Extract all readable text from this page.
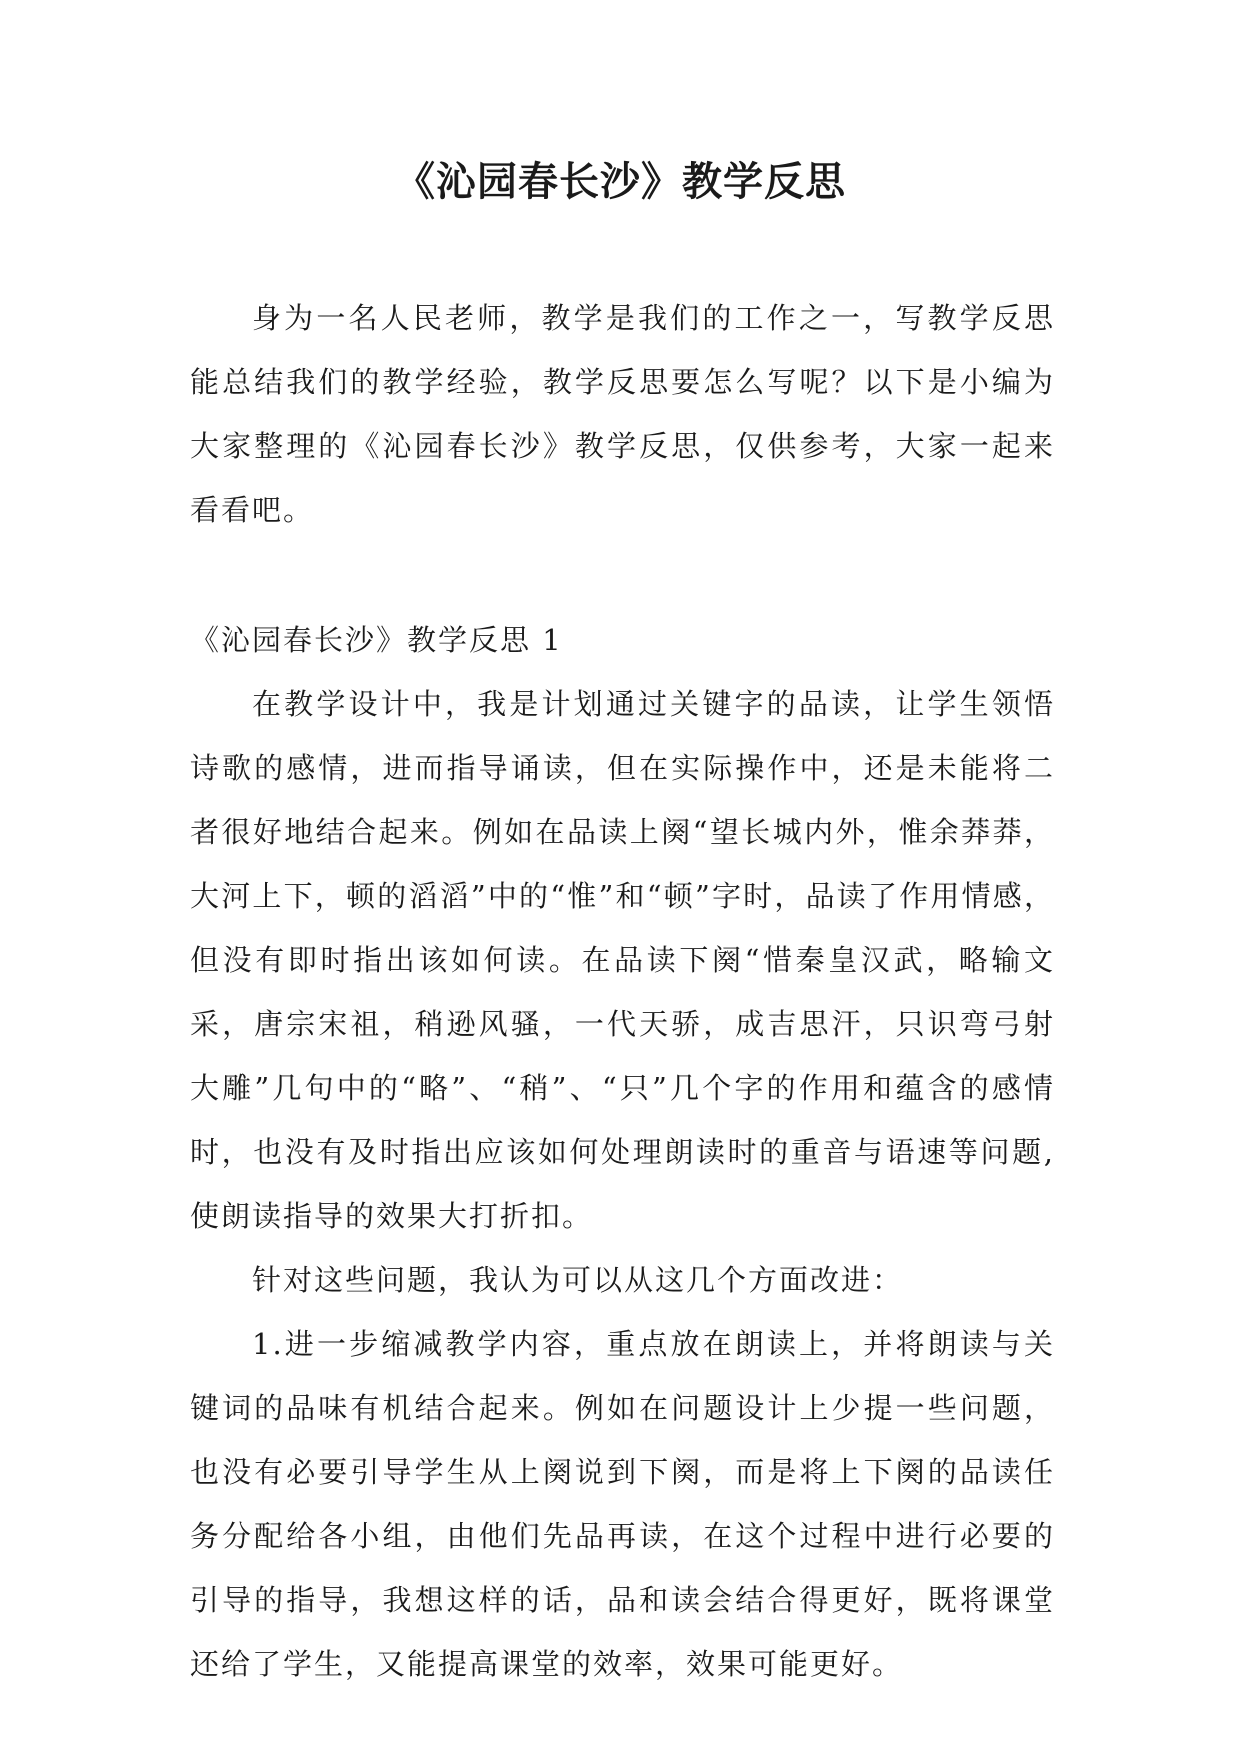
《沁园春长沙》教学反思

身为一名人民老师，教学是我们的工作之一，写教学反思能总结我们的教学经验，教学反思要怎么写呢？以下是小编为大家整理的《沁园春长沙》教学反思，仅供参考，大家一起来看看吧。

《沁园春长沙》教学反思 1

在教学设计中，我是计划通过关键字的品读，让学生领悟诗歌的感情，进而指导诵读，但在实际操作中，还是未能将二者很好地结合起来。例如在品读上阕“望长城内外，惟余莽莽，大河上下，顿的滔滔”中的“惟”和“顿”字时，品读了作用情感，但没有即时指出该如何读。在品读下阕“惜秦皇汉武，略输文采，唐宗宋祖，稍逊风骚，一代天骄，成吉思汗，只识弯弓射大雕”几句中的“略”、“稍”、“只”几个字的作用和蕴含的感情时，也没有及时指出应该如何处理朗读时的重音与语速等问题,使朗读指导的效果大打折扣。

针对这些问题，我认为可以从这几个方面改进：

1.进一步缩减教学内容，重点放在朗读上，并将朗读与关键词的品味有机结合起来。例如在问题设计上少提一些问题，也没有必要引导学生从上阕说到下阕，而是将上下阕的品读任务分配给各小组，由他们先品再读，在这个过程中进行必要的引导的指导，我想这样的话，品和读会结合得更好，既将课堂还给了学生，又能提高课堂的效率，效果可能更好。
